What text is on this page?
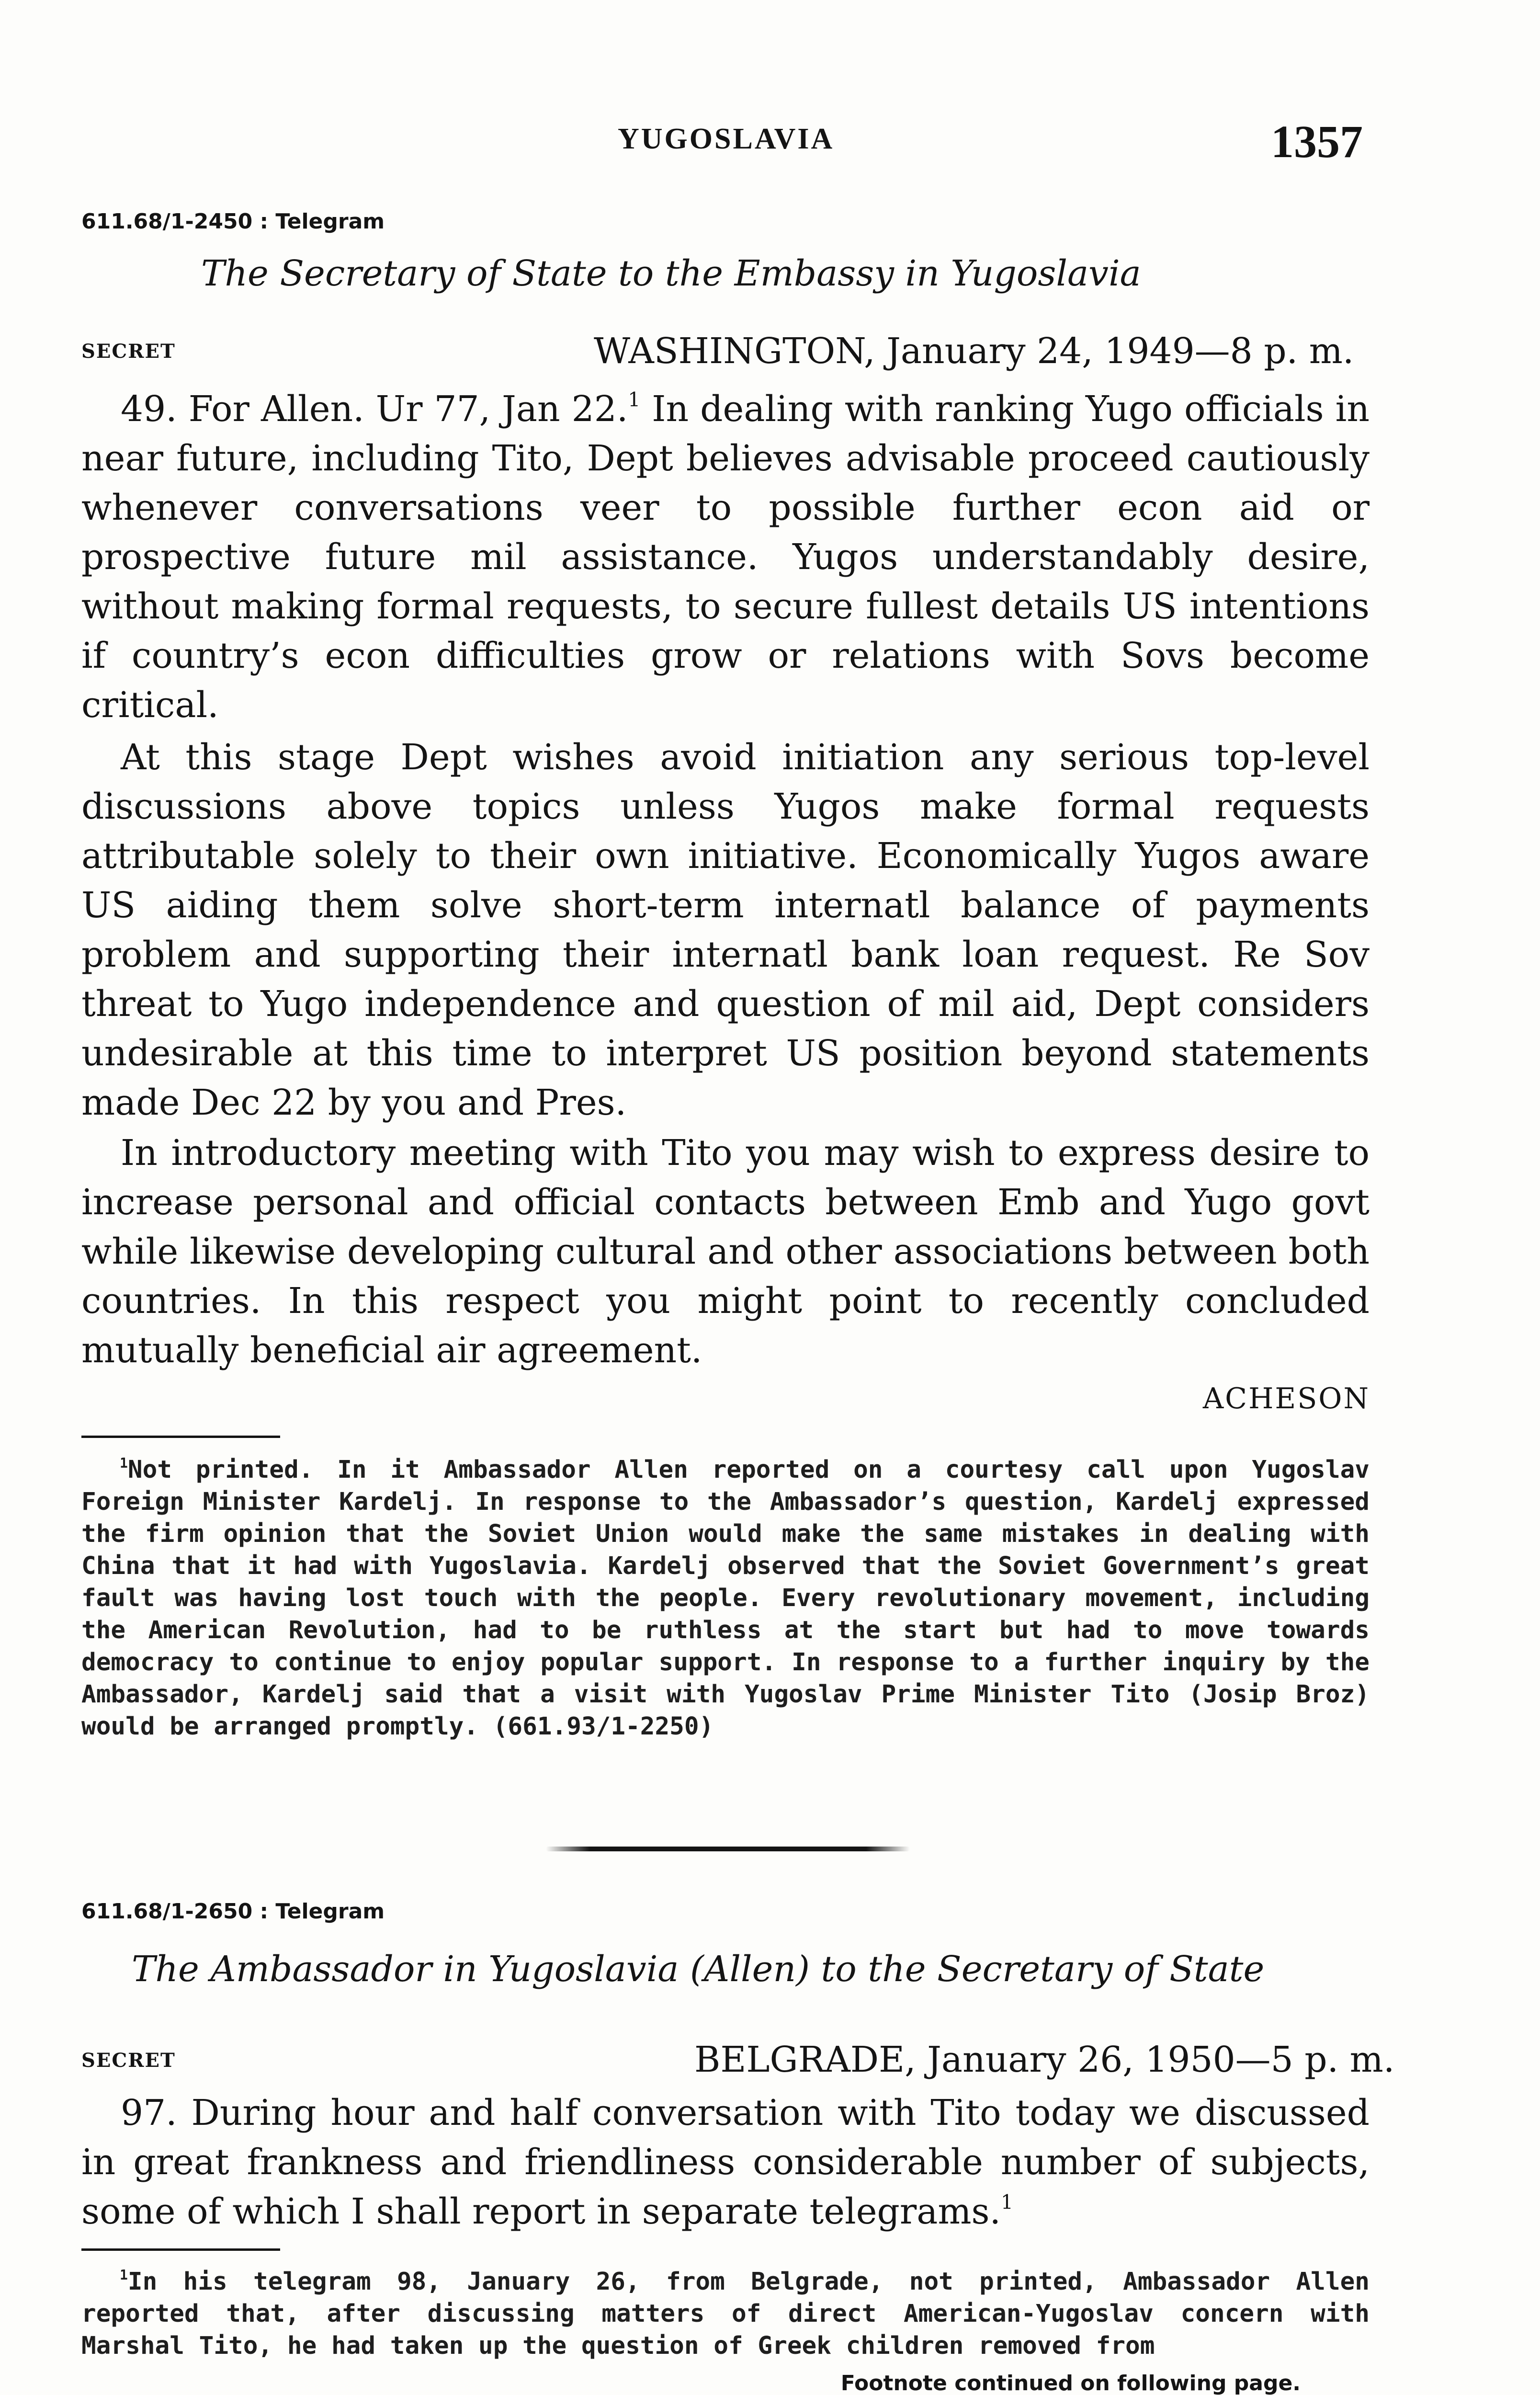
YUGOSLAVIA	1357
611.68/1-2450 : Telegram
The Secretary of State to the Embassy in Yugoslavia
SECRET	WASHINGTON, January 24, 1949—8 p. m.

49. For Allen. Ur 77, Jan 22.$^1$ In dealing with ranking Yugo officials in near future, including Tito, Dept believes advisable proceed cautiously whenever conversations veer to possible further econ aid or prospective future mil assistance. Yugos understandably desire, without making formal requests, to secure fullest details US intentions if country’s econ difficulties grow or relations with Sovs become critical.

At this stage Dept wishes avoid initiation any serious top-level discussions above topics unless Yugos make formal requests attributable solely to their own initiative. Economically Yugos aware US aiding them solve short-term internatl balance of payments problem and supporting their internatl bank loan request. Re Sov threat to Yugo independence and question of mil aid, Dept considers undesirable at this time to interpret US position beyond statements made Dec 22 by you and Pres.

In introductory meeting with Tito you may wish to express desire to increase personal and official contacts between Emb and Yugo govt while likewise developing cultural and other associations between both countries. In this respect you might point to recently concluded mutually beneficial air agreement.

ACHESON

$^1$Not printed. In it Ambassador Allen reported on a courtesy call upon Yugoslav Foreign Minister Kardelj. In response to the Ambassador’s question, Kardelj expressed the firm opinion that the Soviet Union would make the same mistakes in dealing with China that it had with Yugoslavia. Kardelj observed that the Soviet Government’s great fault was having lost touch with the people. Every revolutionary movement, including the American Revolution, had to be ruthless at the start but had to move towards democracy to continue to enjoy popular support. In response to a further inquiry by the Ambassador, Kardelj said that a visit with Yugoslav Prime Minister Tito (Josip Broz) would be arranged promptly. (661.93/1-2250)

611.68/1-2650 : Telegram
The Ambassador in Yugoslavia (Allen) to the Secretary of State
SECRET	BELGRADE, January 26, 1950—5 p. m.

97. During hour and half conversation with Tito today we discussed in great frankness and friendliness considerable number of subjects, some of which I shall report in separate telegrams.$^1$

$^1$In his telegram 98, January 26, from Belgrade, not printed, Ambassador Allen reported that, after discussing matters of direct American-Yugoslav concern with Marshal Tito, he had taken up the question of Greek children removed from

Footnote continued on following page.
